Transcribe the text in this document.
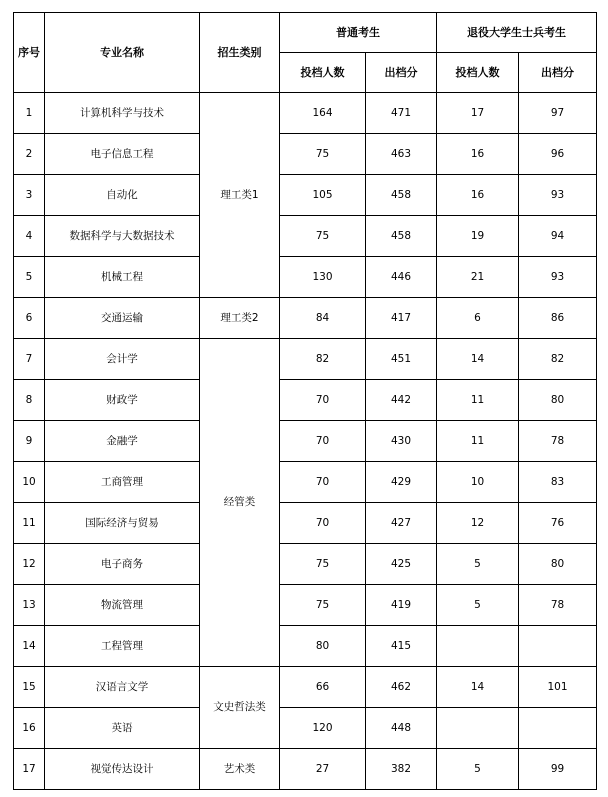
序号	专业名称	招生类别	普通考生		退役大学生士兵考生	
			投档人数	出档分	投档人数	出档分
1	计算机科学与技术	理工类1	164	471	17	97
2	电子信息工程		75	463	16	96
3	自动化		105	458	16	93
4	数据科学与大数据技术		75	458	19	94
5	机械工程		130	446	21	93
6	交通运输	理工类2	84	417	6	86
7	会计学	经管类	82	451	14	82
8	财政学		70	442	11	80
9	金融学		70	430	11	78
10	工商管理		70	429	10	83
11	国际经济与贸易		70	427	12	76
12	电子商务		75	425	5	80
13	物流管理		75	419	5	78
14	工程管理		80	415		
15	汉语言文学	文史哲法类	66	462	14	101
16	英语		120	448		
17	视觉传达设计	艺术类	27	382	5	99
